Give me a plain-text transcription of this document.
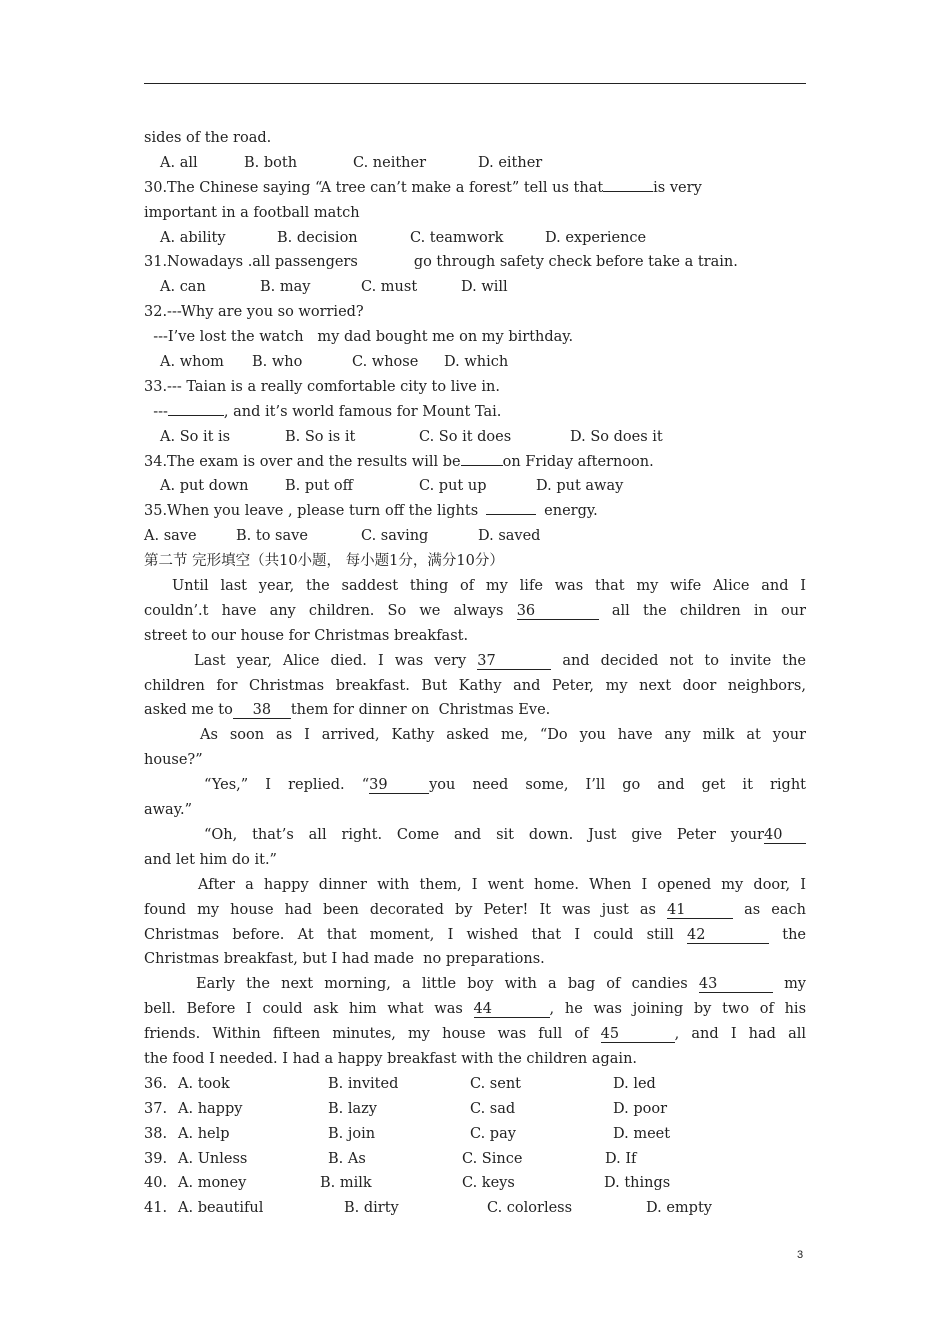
sides of the road.
A. all	B. both	C. neither	D. either
30.The Chinese saying “A tree can’t make a forest” tell us that	is very
important in a football match
A. ability	B. decision	C. teamwork	D. experience
31.Nowadays .all passengers	go through safety check before take a train.
A. can	B. may	C. must	D. will
32.---Why are you so worried?
---I’ve lost the watch   my dad bought me on my birthday.
A. whom	B. who	C. whose	D. which
33.--- Taian is a really comfortable city to live in.
---	, and it’s world famous for Mount Tai.
A. So it is	B. So is it	C. So it does	D. So does it
34.The exam is over and the results will be	on Friday afternoon.
A. put down	B. put off	C. put up	D. put away
35.When you leave , please turn off the lights	energy.
A. save	B. to save	C. saving	D. saved
第二节 完形填空（共10小题， 每小题1分，满分10分）
Until last year, the saddest thing of my life was that my wife Alice and I
couldn’.t have any children. So we always 36	all the children in our
street to our house for Christmas breakfast.
Last year, Alice died. I was very 37	and decided not to invite the
children for Christmas breakfast. But Kathy and Peter, my next door neighbors,
asked me to 38 them for dinner on  Christmas Eve.
As soon as I arrived, Kathy asked me, “Do you have any milk at your
house?”
“Yes,” I replied. “39	you need some, I’ll go and get it right
away.”
“Oh, that’s all right. Come and sit down. Just give Peter your40
and let him do it.”
After a happy dinner with them, I went home. When I opened my door, I
found my house had been decorated by Peter! It was just as 41	as each
Christmas before. At that moment, I wished that I could still 42	the
Christmas breakfast, but I had made  no preparations.
Early the next morning, a little boy with a bag of candies 43	my
bell. Before I could ask him what was 44	, he was joining by two of his
friends. Within fifteen minutes, my house was full of 45	, and I had all
the food I needed. I had a happy breakfast with the children again.
36. A. took	B. invited	C. sent	D. led
37. A. happy	B. lazy	C. sad	D. poor
38. A. help	B. join	C. pay	D. meet
39. A. Unless	B. As	C. Since	D. If
40. A. money	B. milk	C. keys	D. things
41. A. beautiful	B. dirty	C. colorless	D. empty
3
